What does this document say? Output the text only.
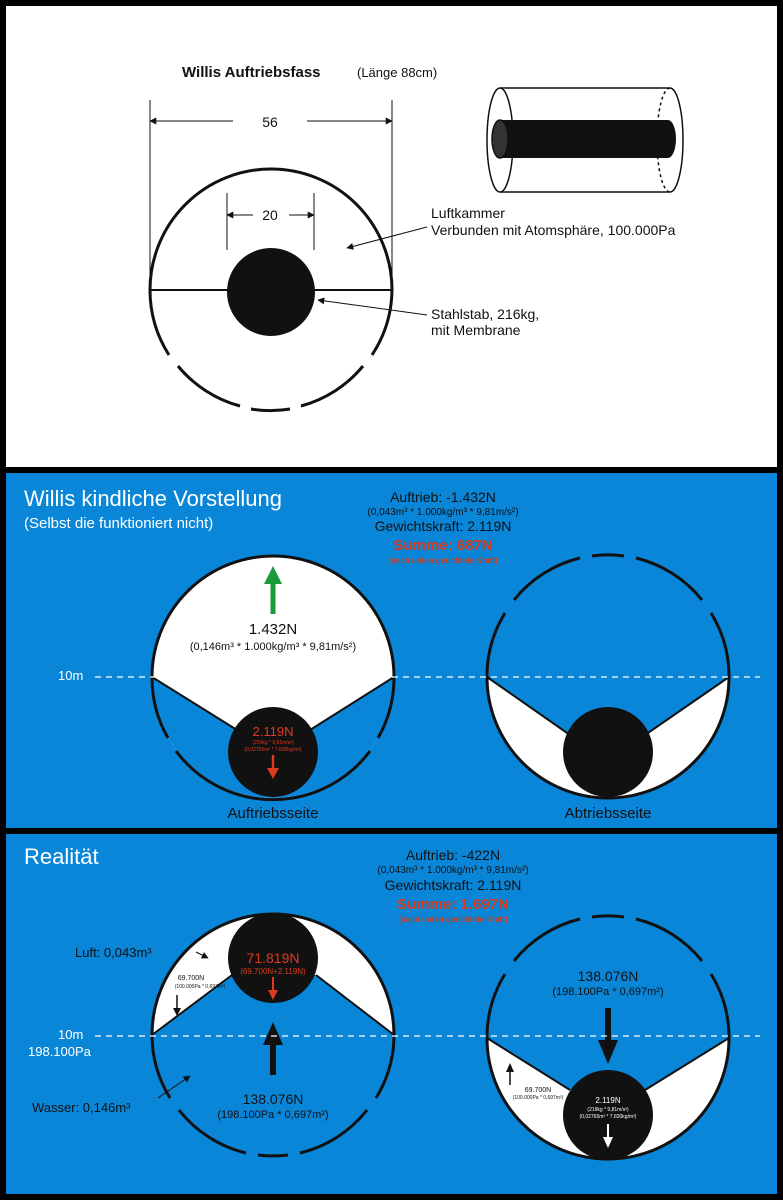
Willis Auftriebsfass	(Länge 88cm)
56
20	Luftkammer
Verbunden mit Atomsphäre, 100.000Pa
Stahlstab, 216kg,
mit Membrane
Willis kindliche Vorstellung
(Selbst die funktioniert nicht)
Auftrieb: -1.432N
(0,043m³ * 1.000kg/m³ * 9,81m/s²)
Gewichtskraft: 2.119N
Summe: 687N
(nach unten gerichtete Kraft)
1.432N
(0,146m³ * 1.000kg/m³ * 9,81m/s²)
2.119N
(219kg * 9,81m/s²)
(0,02765m³ * 7.830kg/m³)
Auftriebsseite	Abtriebsseite
10m
Realität	Auftrieb: -422N
(0,043m³ * 1.000kg/m³ * 9,81m/s²)
Gewichtskraft: 2.119N
Summe: 1.697N
(nach unten gerichtete Kraft)
2.119N
(219kg * 9,81m/s²)
71.819N
(69.700N+2.119N)
69.700N
(100.000Pa * 0,697m²)
138.076N
(198.100Pa * 0,697m²)
Luft: 0,043m³
Wasser: 0,146m³
138.076N
(198.100Pa * 0,697m²)
69.700N
(100.000Pa * 0,697m²)	2.119N
(219kg * 9,81m/s²)
(0,02765m³ * 7.830kg/m³)
10m
198.100Pa
